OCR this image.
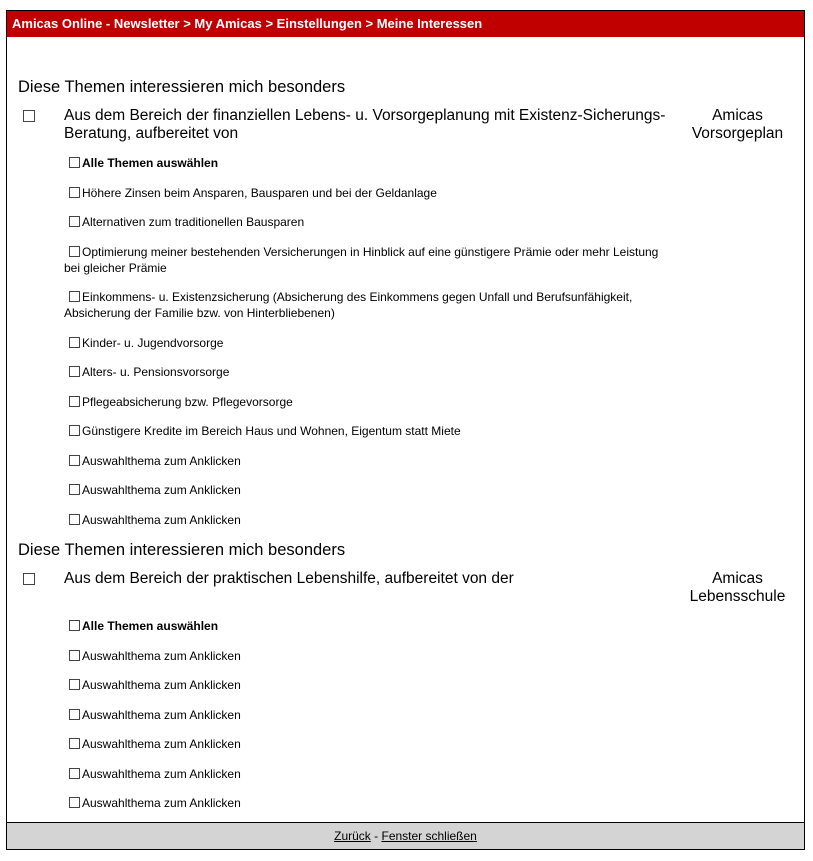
Amicas Online - Newsletter > My Amicas > Einstellungen > Meine Interessen
Diese Themen interessieren mich besonders
Aus dem Bereich der finanziellen Lebens- u. Vorsorgeplanung mit Existenz-Sicherungs-Beratung, aufbereitet von
Amicas Vorsorgeplan
Alle Themen auswählen
Höhere Zinsen beim Ansparen, Bausparen und bei der Geldanlage
Alternativen zum traditionellen Bausparen
Optimierung meiner bestehenden Versicherungen in Hinblick auf eine günstigere Prämie oder mehr Leistung bei gleicher Prämie
Einkommens- u. Existenzsicherung (Absicherung des Einkommens gegen Unfall und Berufsunfähigkeit, Absicherung der Familie bzw. von Hinterbliebenen)
Kinder- u. Jugendvorsorge
Alters- u. Pensionsvorsorge
Pflegeabsicherung bzw. Pflegevorsorge
Günstigere Kredite im Bereich Haus und Wohnen, Eigentum statt Miete
Auswahlthema zum Anklicken
Auswahlthema zum Anklicken
Auswahlthema zum Anklicken
Diese Themen interessieren mich besonders
Aus dem Bereich der praktischen Lebenshilfe, aufbereitet von der	Amicas Lebensschule
Alle Themen auswählen
Auswahlthema zum Anklicken
Auswahlthema zum Anklicken
Auswahlthema zum Anklicken
Auswahlthema zum Anklicken
Auswahlthema zum Anklicken
Auswahlthema zum Anklicken
Zurück - Fenster schließen
